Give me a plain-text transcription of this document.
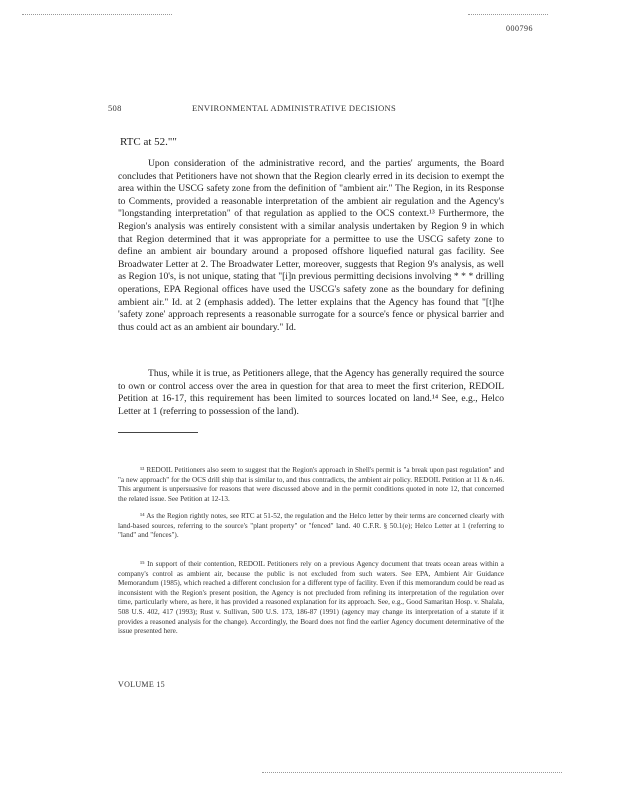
000796
508	ENVIRONMENTAL ADMINISTRATIVE DECISIONS
RTC at 52.""

Upon consideration of the administrative record, and the parties' arguments, the Board concludes that Petitioners have not shown that the Region clearly erred in its decision to exempt the area within the USCG safety zone from the definition of "ambient air." The Region, in its Response to Comments, provided a reasonable interpretation of the ambient air regulation and the Agency's "longstanding interpretation" of that regulation as applied to the OCS context.¹³ Furthermore, the Region's analysis was entirely consistent with a similar analysis undertaken by Region 9 in which that Region determined that it was appropriate for a permittee to use the USCG safety zone to define an ambient air boundary around a proposed offshore liquefied natural gas facility. See Broadwater Letter at 2. The Broadwater Letter, moreover, suggests that Region 9's analysis, as well as Region 10's, is not unique, stating that "[i]n previous permitting decisions involving * * * drilling operations, EPA Regional offices have used the USCG's safety zone as the boundary for defining ambient air." Id. at 2 (emphasis added). The letter explains that the Agency has found that "[t]he 'safety zone' approach represents a reasonable surrogate for a source's fence or physical barrier and thus could act as an ambient air boundary." Id.

Thus, while it is true, as Petitioners allege, that the Agency has generally required the source to own or control access over the area in question for that area to meet the first criterion, REDOIL Petition at 16-17, this requirement has been limited to sources located on land.¹⁴ See, e.g., Helco Letter at 1 (referring to possession of the land).

¹³ REDOIL Petitioners also seem to suggest that the Region's approach in Shell's permit is "a break upon past regulation" and "a new approach" for the OCS drill ship that is similar to, and thus contradicts, the ambient air policy. REDOIL Petition at 11 & n.46. This argument is unpersuasive for reasons that were discussed above and in the permit conditions quoted in note 12, that concerned the related issue. See Petition at 12-13.

¹⁴ As the Region rightly notes, see RTC at 51-52, the regulation and the Helco letter by their terms are concerned clearly with land-based sources, referring to the source's "plant property" or "fenced" land. 40 C.F.R. § 50.1(e); Helco Letter at 1 (referring to "land" and "fences").

¹⁵ In support of their contention, REDOIL Petitioners rely on a previous Agency document that treats ocean areas within a company's control as ambient air, because the public is not excluded from such waters. See EPA, Ambient Air Guidance Memorandum (1985), which reached a different conclusion for a different type of facility. Even if this memorandum could be read as inconsistent with the Region's present position, the Agency is not precluded from refining its interpretation of the regulation over time, particularly where, as here, it has provided a reasoned explanation for its approach. See, e.g., Good Samaritan Hosp. v. Shalala, 508 U.S. 402, 417 (1993); Rust v. Sullivan, 500 U.S. 173, 186-87 (1991) (agency may change its interpretation of a statute if it provides a reasoned analysis for the change). Accordingly, the Board does not find the earlier Agency document determinative of the issue presented here.

VOLUME 15
